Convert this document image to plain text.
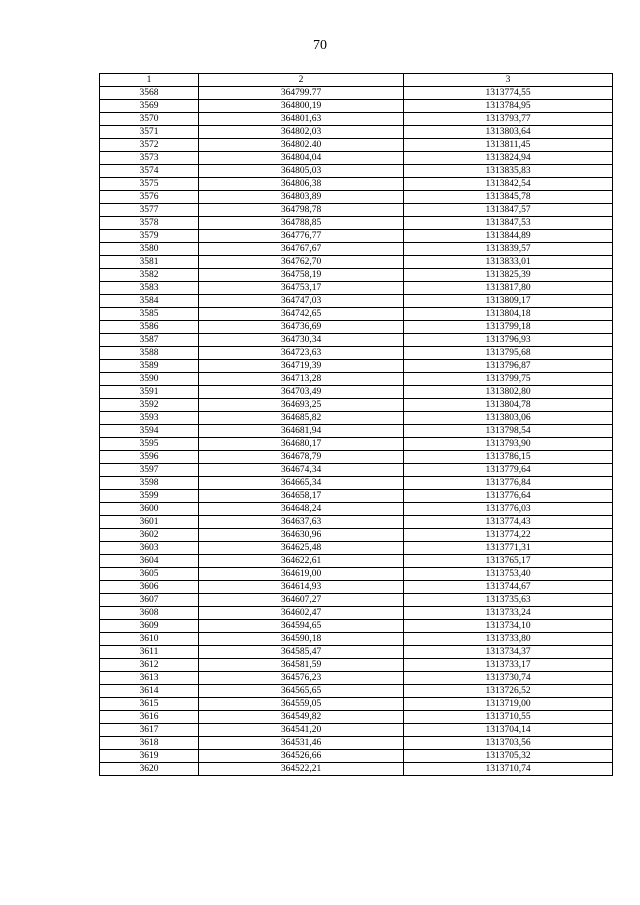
70
1	2	3
3568	364799.77	1313774,55
3569	364800,19	1313784,95
3570	364801,63	1313793,77
3571	364802,03	1313803,64
3572	364802.40	1313811,45
3573	364804,04	1313824,94
3574	364805,03	1313835,83
3575	364806,38	1313842,54
3576	364803,89	1313845,78
3577	364798,78	1313847,57
3578	364788,85	1313847,53
3579	364776,77	1313844,89
3580	364767,67	1313839,57
3581	364762,70	1313833,01
3582	364758,19	1313825,39
3583	364753,17	1313817,80
3584	364747,03	1313809,17
3585	364742,65	1313804,18
3586	364736,69	1313799,18
3587	364730,34	1313796,93
3588	364723,63	1313795,68
3589	364719,39	1313796,87
3590	364713,28	1313799,75
3591	364703,49	1313802,80
3592	364693,25	1313804,78
3593	364685,82	1313803,06
3594	364681,94	1313798,54
3595	364680,17	1313793,90
3596	364678,79	1313786,15
3597	364674,34	1313779,64
3598	364665,34	1313776,84
3599	364658,17	1313776,64
3600	364648,24	1313776,03
3601	364637,63	1313774,43
3602	364630,96	1313774,22
3603	364625,48	1313771,31
3604	364622,61	1313765,17
3605	364619,00	1313753,40
3606	364614,93	1313744,67
3607	364607,27	1313735,63
3608	364602,47	1313733,24
3609	364594,65	1313734,10
3610	364590,18	1313733,80
3611	364585,47	1313734,37
3612	364581,59	1313733,17
3613	364576,23	1313730,74
3614	364565,65	1313726,52
3615	364559,05	1313719,00
3616	364549,82	1313710,55
3617	364541,20	1313704,14
3618	364531,46	1313703,56
3619	364526,66	1313705,32
3620	364522,21	1313710,74
